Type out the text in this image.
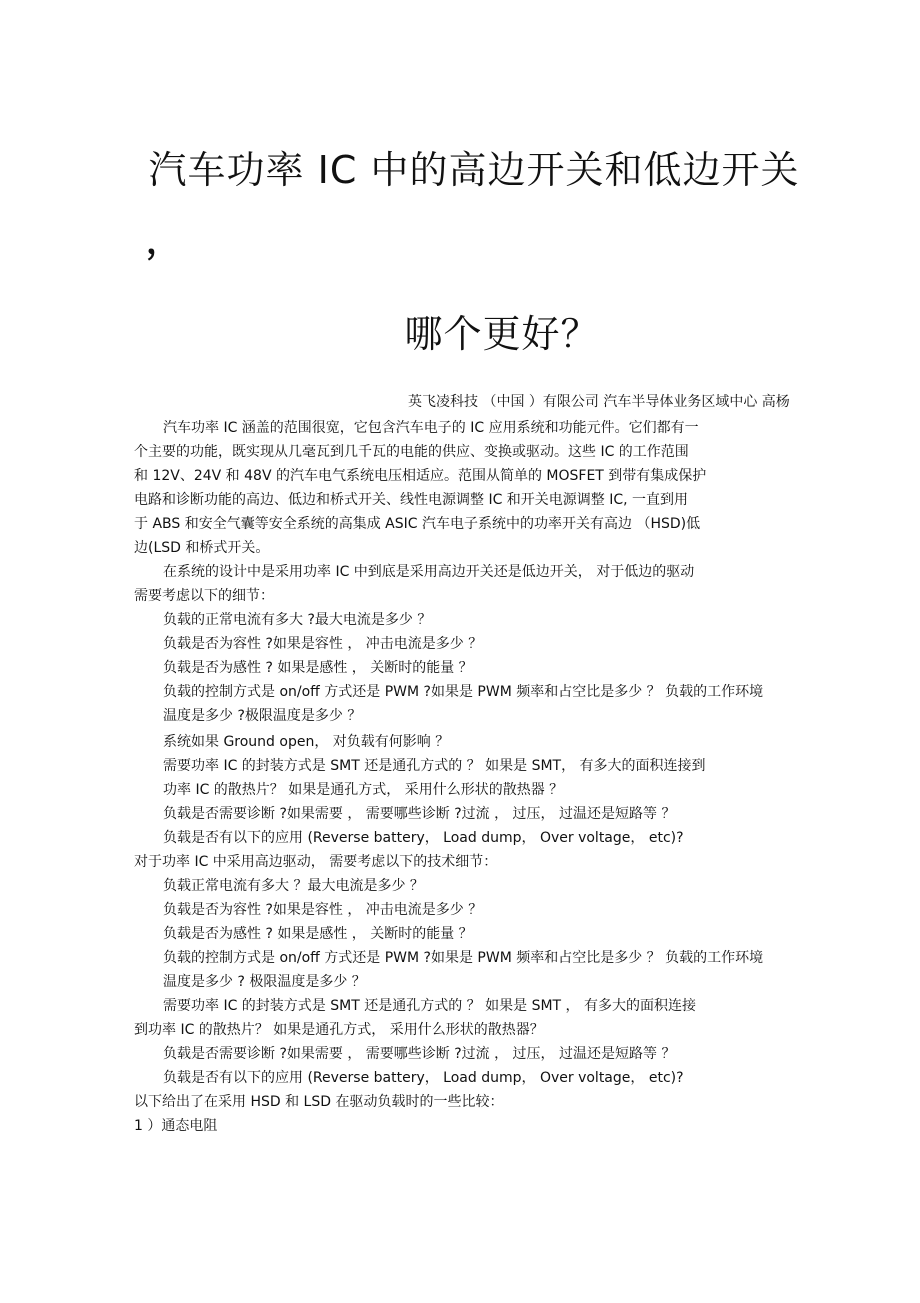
汽车功率 IC 中的高边开关和低边开关
，
哪个更好？
英飞凌科技 （中国 ）有限公司 汽车半导体业务区域中心 高杨
汽车功率 IC 涵盖的范围很宽，它包含汽车电子的 IC 应用系统和功能元件。它们都有一
个主要的功能，既实现从几毫瓦到几千瓦的电能的供应、变换或驱动。这些 IC 的工作范围
和 12V、24V 和 48V 的汽车电气系统电压相适应。范围从简单的 MOSFET 到带有集成保护
电路和诊断功能的高边、低边和桥式开关、线性电源调整 IC 和开关电源调整 IC, 一直到用
于 ABS 和安全气囊等安全系统的高集成 ASIC 汽车电子系统中的功率开关有高边 （HSD)低
边(LSD 和桥式开关。
在系统的设计中是采用功率 IC 中到底是采用高边开关还是低边开关， 对于低边的驱动
需要考虑以下的细节：
负载的正常电流有多大 ?最大电流是多少 ？
负载是否为容性 ?如果是容性 ， 冲击电流是多少 ？
负载是否为感性 ? 如果是感性 ， 关断时的能量 ？
负载的控制方式是 on/off 方式还是 PWM ?如果是 PWM 频率和占空比是多少 ？ 负载的工作环境
温度是多少 ?极限温度是多少 ？
系统如果 Ground open， 对负载有何影响 ？
需要功率 IC 的封装方式是 SMT 还是通孔方式的 ？ 如果是 SMT， 有多大的面积连接到
功率 IC 的散热片？ 如果是通孔方式， 采用什么形状的散热器 ？
负载是否需要诊断 ?如果需要 ， 需要哪些诊断 ?过流 ， 过压， 过温还是短路等 ？
负载是否有以下的应用 (Reverse battery， Load dump， Over voltage， etc)?
对于功率 IC 中采用高边驱动， 需要考虑以下的技术细节：
负载正常电流有多大 ？最大电流是多少 ？
负载是否为容性 ?如果是容性 ， 冲击电流是多少 ？
负载是否为感性 ? 如果是感性 ， 关断时的能量 ？
负载的控制方式是 on/off 方式还是 PWM ?如果是 PWM 频率和占空比是多少 ？ 负载的工作环境
温度是多少 ? 极限温度是多少 ？
需要功率 IC 的封装方式是 SMT 还是通孔方式的 ？ 如果是 SMT ， 有多大的面积连接
到功率 IC 的散热片？ 如果是通孔方式， 采用什么形状的散热器？
负载是否需要诊断 ?如果需要 ， 需要哪些诊断 ?过流 ， 过压， 过温还是短路等 ？
负载是否有以下的应用 (Reverse battery， Load dump， Over voltage， etc)?
以下给出了在采用 HSD 和 LSD 在驱动负载时的一些比较：
1 ）通态电阻
